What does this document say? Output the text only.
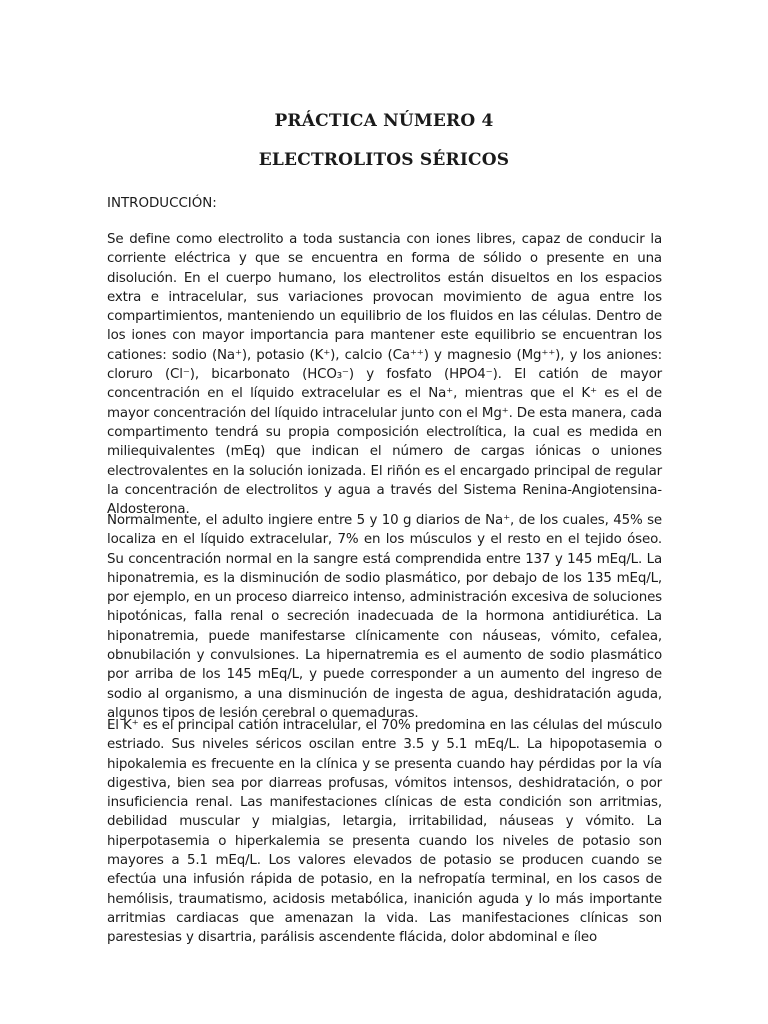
PRÁCTICA NÚMERO 4
ELECTROLITOS SÉRICOS

INTRODUCCIÓN:

Se define como electrolito a toda sustancia con iones libres, capaz de conducir la corriente eléctrica y que se encuentra en forma de sólido o presente en una disolución. En el cuerpo humano, los electrolitos están disueltos en los espacios extra e intracelular, sus variaciones provocan movimiento de agua entre los compartimientos, manteniendo un equilibrio de los fluidos en las células. Dentro de los iones con mayor importancia para mantener este equilibrio se encuentran los cationes: sodio (Na⁺), potasio (K⁺), calcio (Ca⁺⁺) y magnesio (Mg⁺⁺), y los aniones: cloruro (Cl⁻), bicarbonato (HCO₃⁻) y fosfato (HPO4⁻). El catión de mayor concentración en el líquido extracelular es el Na⁺, mientras que el K⁺ es el de mayor concentración del líquido intracelular junto con el Mg⁺. De esta manera, cada compartimento tendrá su propia composición electrolítica, la cual es medida en miliequivalentes (mEq) que indican el número de cargas iónicas o uniones electrovalentes en la solución ionizada. El riñón es el encargado principal de regular la concentración de electrolitos y agua a través del Sistema Renina-Angiotensina-Aldosterona.

Normalmente, el adulto ingiere entre 5 y 10 g diarios de Na⁺, de los cuales, 45% se localiza en el líquido extracelular, 7% en los músculos y el resto en el tejido óseo. Su concentración normal en la sangre está comprendida entre 137 y 145 mEq/L. La hiponatremia, es la disminución de sodio plasmático, por debajo de los 135 mEq/L, por ejemplo, en un proceso diarreico intenso, administración excesiva de soluciones hipotónicas, falla renal o secreción inadecuada de la hormona antidiurética. La hiponatremia, puede manifestarse clínicamente con náuseas, vómito, cefalea, obnubilación y convulsiones. La hipernatremia es el aumento de sodio plasmático por arriba de los 145 mEq/L, y puede corresponder a un aumento del ingreso de sodio al organismo, a una disminución de ingesta de agua, deshidratación aguda, algunos tipos de lesión cerebral o quemaduras.

El K⁺ es el principal catión intracelular, el 70% predomina en las células del músculo estriado. Sus niveles séricos oscilan entre 3.5 y 5.1 mEq/L. La hipopotasemia o hipokalemia es frecuente en la clínica y se presenta cuando hay pérdidas por la vía digestiva, bien sea por diarreas profusas, vómitos intensos, deshidratación, o por insuficiencia renal. Las manifestaciones clínicas de esta condición son arritmias, debilidad muscular y mialgias, letargia, irritabilidad, náuseas y vómito. La hiperpotasemia o hiperkalemia se presenta cuando los niveles de potasio son mayores a 5.1 mEq/L. Los valores elevados de potasio se producen cuando se efectúa una infusión rápida de potasio, en la nefropatía terminal, en los casos de hemólisis, traumatismo, acidosis metabólica, inanición aguda y lo más importante arritmias cardiacas que amenazan la vida. Las manifestaciones clínicas son parestesias y disartria, parálisis ascendente flácida, dolor abdominal e íleo
